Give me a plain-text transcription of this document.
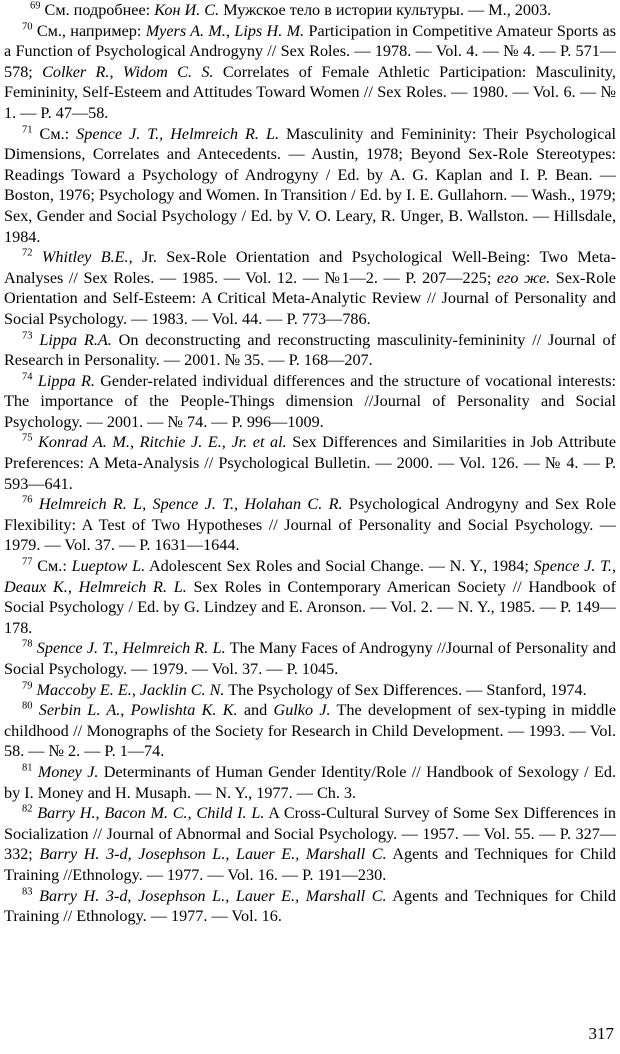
$^{69}$ См. подробнее: Кон И. С. Мужское тело в истории культуры. — М., 2003.

$^{70}$ См., например: Myers A. M., Lips H. M. Participation in Competitive Amateur Sports as a Function of Psychological Androgyny // Sex Roles. — 1978. — Vol. 4. — № 4. — P. 571—578; Colker R., Widom C. S. Correlates of Female Athletic Participation: Masculinity, Femininity, Self-Esteem and Attitudes Toward Women // Sex Roles. — 1980. — Vol. 6. — № 1. — P. 47—58.

$^{71}$ См.: Spence J. T., Helmreich R. L. Masculinity and Femininity: Their Psychological Dimensions, Correlates and Antecedents. — Austin, 1978; Beyond Sex-Role Stereotypes: Readings Toward a Psychology of Androgyny / Ed. by A. G. Kaplan and I. P. Bean. — Boston, 1976; Psychology and Women. In Transition / Ed. by I. E. Gullahorn. — Wash., 1979; Sex, Gender and Social Psychology / Ed. by V. O. Leary, R. Unger, B. Wallston. — Hillsdale, 1984.

$^{72}$ Whitley B.E., Jr. Sex-Role Orientation and Psychological Well-Being: Two Meta-Analyses // Sex Roles. — 1985. — Vol. 12. — №1—2. — P. 207—225; его же. Sex-Role Orientation and Self-Esteem: A Critical Meta-Analytic Review // Journal of Personality and Social Psychology. — 1983. — Vol. 44. — P. 773—786.

$^{73}$ Lippa R.A. On deconstructing and reconstructing masculinity-femininity // Journal of Research in Personality. — 2001. № 35. — P. 168—207.

$^{74}$ Lippa R. Gender-related individual differences and the structure of vocational interests: The importance of the People-Things dimension //Journal of Personality and Social Psychology. — 2001. — № 74. — P. 996—1009.

$^{75}$ Konrad A. M., Ritchie J. E., Jr. et al. Sex Differences and Similarities in Job Attribute Preferences: A Meta-Analysis // Psychological Bulletin. — 2000. — Vol. 126. — № 4. — P. 593—641.

$^{76}$ Helmreich R. L, Spence J. T., Holahan C. R. Psychological Androgyny and Sex Role Flexibility: A Test of Two Hypotheses // Journal of Personality and Social Psychology. — 1979. — Vol. 37. — P. 1631—1644.

$^{77}$ См.: Lueptow L. Adolescent Sex Roles and Social Change. — N. Y., 1984; Spence J. T., Deaux K., Helmreich R. L. Sex Roles in Contemporary American Society // Handbook of Social Psychology / Ed. by G. Lindzey and E. Aronson. — Vol. 2. — N. Y., 1985. — P. 149—178.

$^{78}$ Spence J. T., Helmreich R. L. The Many Faces of Androgyny //Journal of Personality and Social Psychology. — 1979. — Vol. 37. — P. 1045.

$^{79}$ Maccoby E. E., Jacklin C. N. The Psychology of Sex Differences. — Stanford, 1974.

$^{80}$ Serbin L. A., Powlishta K. K. and Gulko J. The development of sex-typing in middle childhood // Monographs of the Society for Research in Child Development. — 1993. — Vol. 58. — № 2. — P. 1—74.

$^{81}$ Money J. Determinants of Human Gender Identity/Role // Handbook of Sexology / Ed. by I. Money and H. Musaph. — N. Y., 1977. — Ch. 3.

$^{82}$ Barry H., Bacon M. C., Child I. L. A Cross-Cultural Survey of Some Sex Differences in Socialization // Journal of Abnormal and Social Psychology. — 1957. — Vol. 55. — P. 327—332; Barry H. 3-d, Josephson L., Lauer E., Marshall C. Agents and Techniques for Child Training //Ethnology. — 1977. — Vol. 16. — P. 191—230.

$^{83}$ Barry H. 3-d, Josephson L., Lauer E., Marshall C. Agents and Techniques for Child Training // Ethnology. — 1977. — Vol. 16.

317
